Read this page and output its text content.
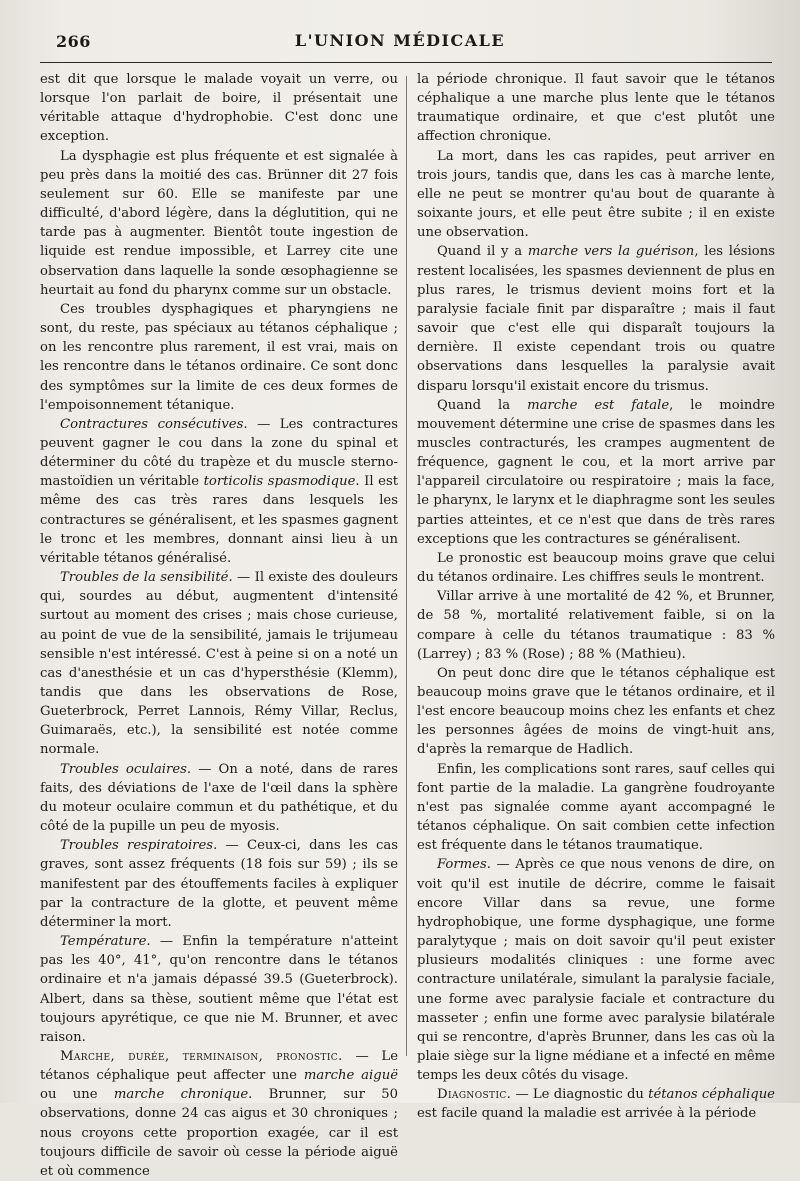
266	L'UNION MÉDICALE

est dit que lorsque le malade voyait un verre, ou lorsque l'on parlait de boire, il présentait une véritable attaque d'hydrophobie. C'est donc une exception.

La dysphagie est plus fréquente et est signalée à peu près dans la moitié des cas. Brünner dit 27 fois seulement sur 60. Elle se manifeste par une difficulté, d'abord légère, dans la déglutition, qui ne tarde pas à augmenter. Bientôt toute ingestion de liquide est rendue impossible, et Larrey cite une observation dans laquelle la sonde œsophagienne se heurtait au fond du pharynx comme sur un obstacle.

Ces troubles dysphagiques et pharyngiens ne sont, du reste, pas spéciaux au tétanos céphalique ; on les rencontre plus rarement, il est vrai, mais on les rencontre dans le tétanos ordinaire. Ce sont donc des symptômes sur la limite de ces deux formes de l'empoisonnement tétanique.

Contractures consécutives. — Les contractures peuvent gagner le cou dans la zone du spinal et déterminer du côté du trapèze et du muscle sterno-mastoïdien un véritable torticolis spasmodique. Il est même des cas très rares dans lesquels les contractures se généralisent, et les spasmes gagnent le tronc et les membres, donnant ainsi lieu à un véritable tétanos généralisé.

Troubles de la sensibilité. — Il existe des douleurs qui, sourdes au début, augmentent d'intensité surtout au moment des crises ; mais chose curieuse, au point de vue de la sensibilité, jamais le trijumeau sensible n'est intéressé. C'est à peine si on a noté un cas d'anesthésie et un cas d'hypersthésie (Klemm), tandis que dans les observations de Rose, Gueterbrock, Perret Lannois, Rémy Villar, Reclus, Guimaraës, etc.), la sensibilité est notée comme normale.

Troubles oculaires. — On a noté, dans de rares faits, des déviations de l'axe de l'œil dans la sphère du moteur oculaire commun et du pathétique, et du côté de la pupille un peu de myosis.

Troubles respiratoires. — Ceux-ci, dans les cas graves, sont assez fréquents (18 fois sur 59) ; ils se manifestent par des étouffements faciles à expliquer par la contracture de la glotte, et peuvent même déterminer la mort.

Température. — Enfin la température n'atteint pas les 40°, 41°, qu'on rencontre dans le tétanos ordinaire et n'a jamais dépassé 39.5 (Gueterbrock). Albert, dans sa thèse, soutient même que l'état est toujours apyrétique, ce que nie M. Brunner, et avec raison.

Marche, durée, terminaison, pronostic. — Le tétanos céphalique peut affecter une marche aiguë ou une marche chronique. Brunner, sur 50 observations, donne 24 cas aigus et 30 chroniques ; nous croyons cette proportion exagée, car il est toujours difficile de savoir où cesse la période aiguë et où commence

la période chronique. Il faut savoir que le tétanos céphalique a une marche plus lente que le tétanos traumatique ordinaire, et que c'est plutôt une affection chronique.

La mort, dans les cas rapides, peut arriver en trois jours, tandis que, dans les cas à marche lente, elle ne peut se montrer qu'au bout de quarante à soixante jours, et elle peut être subite ; il en existe une observation.

Quand il y a marche vers la guérison, les lésions restent localisées, les spasmes deviennent de plus en plus rares, le trismus devient moins fort et la paralysie faciale finit par disparaître ; mais il faut savoir que c'est elle qui disparaît toujours la dernière. Il existe cependant trois ou quatre observations dans lesquelles la paralysie avait disparu lorsqu'il existait encore du trismus.

Quand la marche est fatale, le moindre mouvement détermine une crise de spasmes dans les muscles contracturés, les crampes augmentent de fréquence, gagnent le cou, et la mort arrive par l'appareil circulatoire ou respiratoire ; mais la face, le pharynx, le larynx et le diaphragme sont les seules parties atteintes, et ce n'est que dans de très rares exceptions que les contractures se généralisent.

Le pronostic est beaucoup moins grave que celui du tétanos ordinaire. Les chiffres seuls le montrent.

Villar arrive à une mortalité de 42 %, et Brunner, de 58 %, mortalité relativement faible, si on la compare à celle du tétanos traumatique : 83 % (Larrey) ; 83 % (Rose) ; 88 % (Mathieu).

On peut donc dire que le tétanos céphalique est beaucoup moins grave que le tétanos ordinaire, et il l'est encore beaucoup moins chez les enfants et chez les personnes âgées de moins de vingt-huit ans, d'après la remarque de Hadlich.

Enfin, les complications sont rares, sauf celles qui font partie de la maladie. La gangrène foudroyante n'est pas signalée comme ayant accompagné le tétanos céphalique. On sait combien cette infection est fréquente dans le tétanos traumatique.

Formes. — Après ce que nous venons de dire, on voit qu'il est inutile de décrire, comme le faisait encore Villar dans sa revue, une forme hydrophobique, une forme dysphagique, une forme paralytyque ; mais on doit savoir qu'il peut exister plusieurs modalités cliniques : une forme avec contracture unilatérale, simulant la paralysie faciale, une forme avec paralysie faciale et contracture du masseter ; enfin une forme avec paralysie bilatérale qui se rencontre, d'après Brunner, dans les cas où la plaie siège sur la ligne médiane et a infecté en même temps les deux côtés du visage.

Diagnostic. — Le diagnostic du tétanos céphalique est facile quand la maladie est arrivée à la période
